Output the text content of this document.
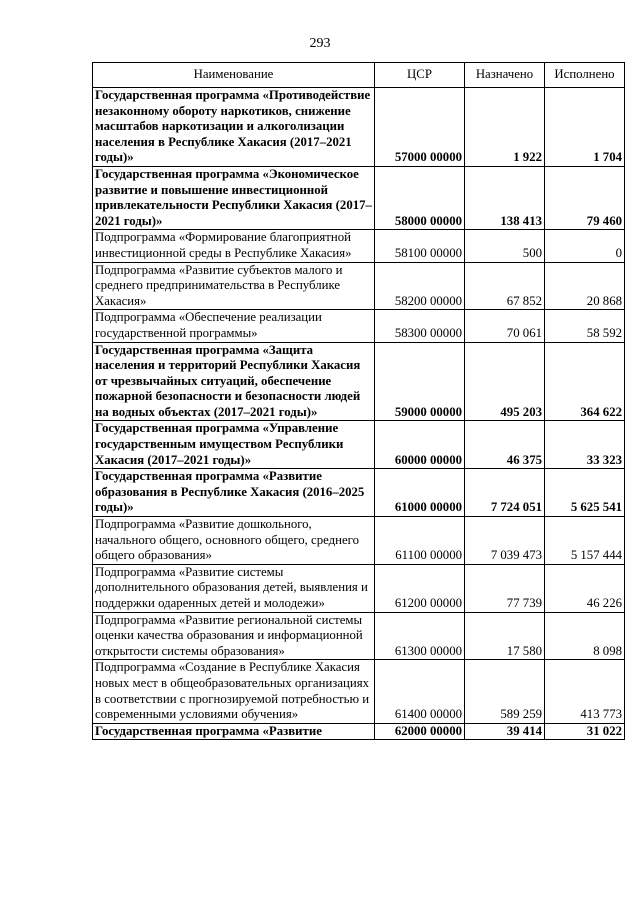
293
Наименование	ЦСР	Назначено	Исполнено
Государственная программа «Противодействие незаконному обороту наркотиков, снижение масштабов наркотизации и алкоголизации населения в Республике Хакасия (2017–2021 годы)»	57000 00000	1 922	1 704
Государственная программа «Экономическое развитие и повышение инвестиционной привлекательности Республики Хакасия (2017–2021 годы)»	58000 00000	138 413	79 460
Подпрограмма «Формирование благоприятной инвестиционной среды в Республике Хакасия»	58100 00000	500	0
Подпрограмма «Развитие субъектов малого и среднего предпринимательства в Республике Хакасия»	58200 00000	67 852	20 868
Подпрограмма «Обеспечение реализации государственной программы»	58300 00000	70 061	58 592
Государственная программа «Защита населения и территорий Республики Хакасия от чрезвычайных ситуаций, обеспечение пожарной безопасности и безопасности людей на водных объектах (2017–2021 годы)»	59000 00000	495 203	364 622
Государственная программа «Управление государственным имуществом Республики Хакасия (2017–2021 годы)»	60000 00000	46 375	33 323
Государственная программа «Развитие образования в Республике Хакасия (2016–2025 годы)»	61000 00000	7 724 051	5 625 541
Подпрограмма «Развитие дошкольного, начального общего, основного общего, среднего общего образования»	61100 00000	7 039 473	5 157 444
Подпрограмма «Развитие системы дополнительного образования детей, выявления и поддержки одаренных детей и молодежи»	61200 00000	77 739	46 226
Подпрограмма «Развитие региональной системы оценки качества образования и информационной открытости системы образования»	61300 00000	17 580	8 098
Подпрограмма «Создание в Республике Хакасия новых мест в общеобразовательных организациях в соответствии с прогнозируемой потребностью и современными условиями обучения»	61400 00000	589 259	413 773
Государственная программа «Развитие	62000 00000	39 414	31 022
